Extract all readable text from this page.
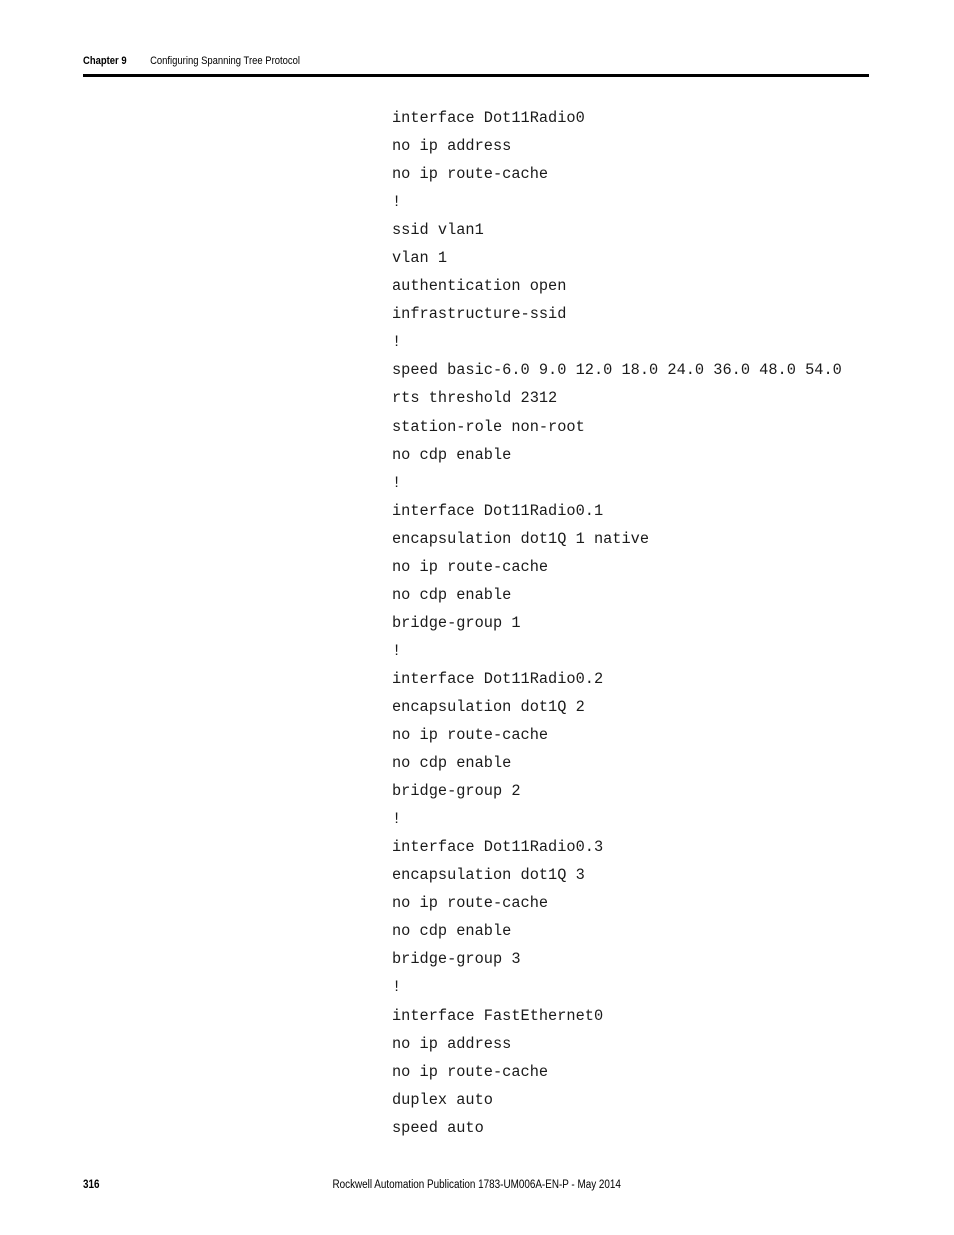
Chapter 9 Configuring Spanning Tree Protocol
interface Dot11Radio0
no ip address
no ip route-cache
!
ssid vlan1
vlan 1
authentication open
infrastructure-ssid
!
speed basic-6.0 9.0 12.0 18.0 24.0 36.0 48.0 54.0
rts threshold 2312
station-role non-root
no cdp enable
!
interface Dot11Radio0.1
encapsulation dot1Q 1 native
no ip route-cache
no cdp enable
bridge-group 1
!
interface Dot11Radio0.2
encapsulation dot1Q 2
no ip route-cache
no cdp enable
bridge-group 2
!
interface Dot11Radio0.3
encapsulation dot1Q 3
no ip route-cache
no cdp enable
bridge-group 3
!
interface FastEthernet0
no ip address
no ip route-cache
duplex auto
speed auto
316	Rockwell Automation Publication 1783-UM006A-EN-P - May 2014
